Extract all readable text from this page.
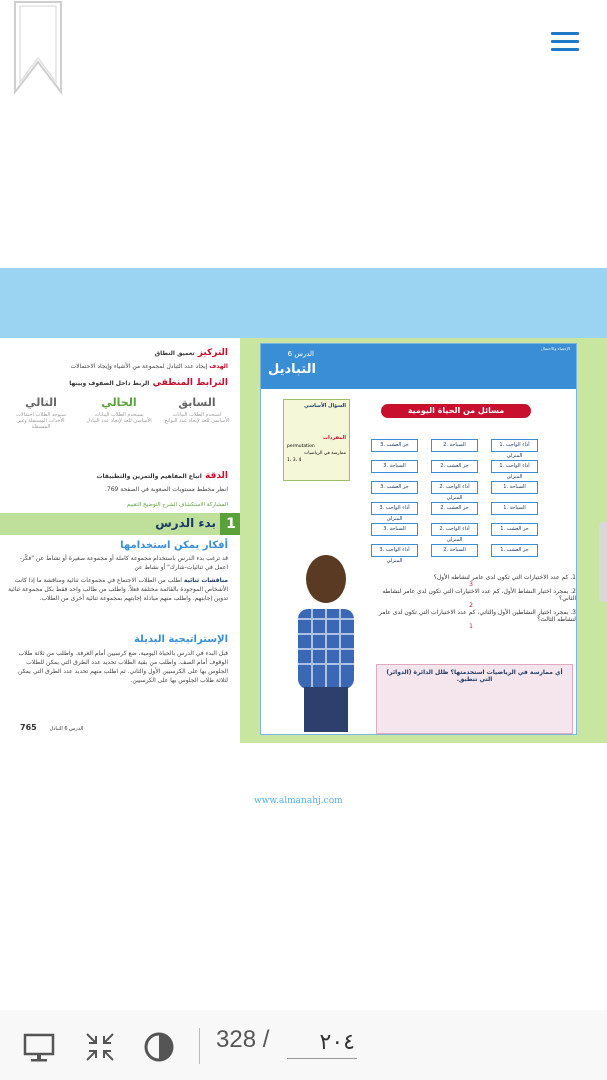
التركيز تعميق النطاق
الهدف إيجاد عدد التبادل لمجموعة من الأشياء وإيجاد الاحتمالات
الترابط المنطقي الربط داخل الصفوف وبينها
السابق
استخدم الطلاب البيانات الأساسي للعد لإيجاد عدد النواتج
الحالي
يستخدم الطلاب البيانات الأساسي للعد لإيجاد عدد التبادل
التالي
سيوجد الطلاب احتمالات الأحداث المستقلة وغير المستقلة
الدقة اتباع المفاهيم والتمرين والتطبيقات
انظر مخطط مستويات الصعوبة في الصفحة 769.
المشاركة الاستكشاف الشرح التوضيح التقييم
1
بدء الدرس
أفكار يمكن استخدامها
قد ترغب بدء الدرس باستخدام مجموعة كاملة أو مجموعة صغيرة أو نشاط عن "فكّر-اعمل في ثنائيات-شارك" أو نشاط عن
مناقشات ثنائية اطلب من الطلاب الاجتماع في مجموعات ثنائية ومناقشة ما إذا كانت الأشخاص الموجودة بالقائمة مختلفة فعلاً. واطلب من طالب واحد فقط بكل مجموعة ثنائية تدوين إجابتهم. واطلب منهم مبادلة إجابتهم بمجموعة ثنائية أخرى من الطلاب.
الإستراتيجية البديلة
قبل البدء في الدرس بالحياة اليومية، ضع كرسيين أمام الغرفة. واطلب من ثلاثة طلاب الوقوف أمام الصف. واطلب من بقية الطلاب تحديد عدد الطرق التي يمكن للطلاب الجلوس بها على الكرسيين الأول والثاني. ثم اطلب منهم تحديد عدد الطرق التي يمكن لثلاثة طلاب الجلوس بها على الكرسيين.
765	الدرس 6 التبادل
الإحصاء والاحتمال
الدرس 6
التباديل
مسائل من الحياة اليومية
السؤال الأساسي
المفردات
permutation
ممارسة في الرياضيات
1، 3، 4
1. أداء الواجب المنزلي
2. السباحة
3. جز العشب
1. أداء الواجب المنزلي
2. جز العشب
3. السباحة
1. السباحة
2. أداء الواجب المنزلي
3. جز العشب
1. السباحة
2. جز العشب
3. أداء الواجب المنزلي
1. جز العشب
2. أداء الواجب المنزلي
3. السباحة
1. جز العشب
2. السباحة
3. أداء الواجب المنزلي
1. كم عدد الاختيارات التي تكون لدى عامر لنشاطه الأول؟
3
2. بمجرد اختيار النشاط الأول، كم عدد الاختيارات التي تكون لدى عامر لنشاطه الثاني؟
2
3. بمجرد اختيار النشاطين الأول والثاني، كم عدد الاختيارات التي تكون لدى عامر لنشاطه الثالث؟
1
أي ممارسة في الرياضيات استخدمتها؟ ظلل الدائرة (الدوائر) التي تنطبق.
www.almanahj.com
328 /
٢٠٤
